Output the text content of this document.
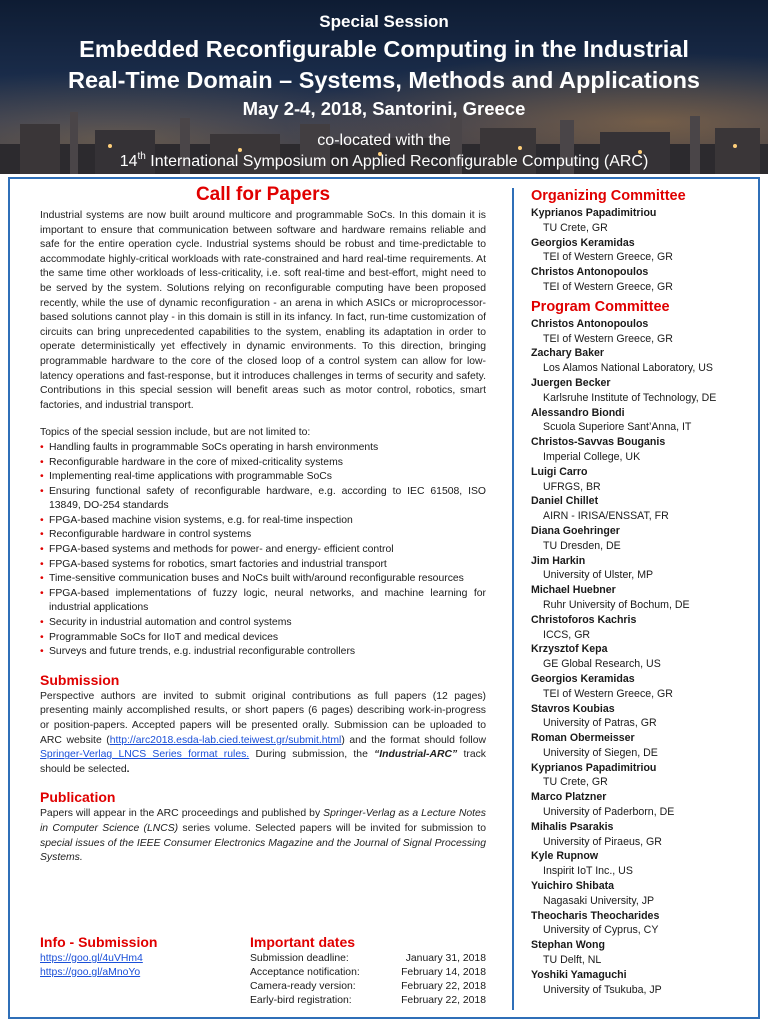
Special Session
Embedded Reconfigurable Computing in the Industrial
Real-Time Domain – Systems, Methods and Applications
May 2-4, 2018, Santorini, Greece
co-located with the
14th International Symposium on Applied Reconfigurable Computing (ARC)
Call for Papers

Industrial systems are now built around multicore and programmable SoCs. In this domain it is important to ensure that communication between software and hardware remains reliable and safe for the entire operation cycle. Industrial systems should be robust and time-predictable to accommodate highly-critical workloads with rate-constrained and hard real-time requirements. At the same time other workloads of less-criticality, i.e. soft real-time and best-effort, might need to be served by the system. Solutions relying on reconfigurable computing have been proposed recently, while the use of dynamic reconfiguration - an arena in which ASICs or microprocessor-based solutions cannot play - in this domain is still in its infancy. In fact, run-time customization of circuits can bring unprecedented capabilities to the system, enabling its adaptation in order to operate deterministically yet effectively in dynamic environments. To this direction, bringing programmable hardware to the core of the closed loop of a control system can allow for low-latency operations and fast-response, but it introduces challenges in terms of security and safety. Contributions in this special session will benefit areas such as motor control, robotics, smart factories, and industrial transport.

Topics of the special session include, but are not limited to:
• Handling faults in programmable SoCs operating in harsh environments
• Reconfigurable hardware in the core of mixed-criticality systems
• Implementing real-time applications with programmable SoCs
• Ensuring functional safety of reconfigurable hardware, e.g. according to IEC 61508, ISO 13849, DO-254 standards
• FPGA-based machine vision systems, e.g. for real-time inspection
• Reconfigurable hardware in control systems
• FPGA-based systems and methods for power- and energy- efficient control
• FPGA-based systems for robotics, smart factories and industrial transport
• Time-sensitive communication buses and NoCs built with/around reconfigurable resources
• FPGA-based implementations of fuzzy logic, neural networks, and machine learning for industrial applications
• Security in industrial automation and control systems
• Programmable SoCs for IIoT and medical devices
• Surveys and future trends, e.g. industrial reconfigurable controllers
Submission

Perspective authors are invited to submit original contributions as full papers (12 pages) presenting mainly accomplished results, or short papers (6 pages) describing work-in-progress or position-papers. Accepted papers will be presented orally. Submission can be uploaded to ARC website (http://arc2018.esda-lab.cied.teiwest.gr/submit.html) and the format should follow Springer-Verlag LNCS Series format rules. During submission, the “Industrial-ARC” track should be selected.

Publication

Papers will appear in the ARC proceedings and published by Springer-Verlag as a Lecture Notes in Computer Science (LNCS) series volume. Selected papers will be invited for submission to special issues of the IEEE Consumer Electronics Magazine and the Journal of Signal Processing Systems.

Info - Submission
https://goo.gl/4uVHm4
https://goo.gl/aMnoYo
Important dates
Submission deadline:	January 31, 2018
Acceptance notification:	February 14, 2018
Camera-ready version:	February 22, 2018
Early-bird registration:	February 22, 2018
Organizing Committee
Kyprianos Papadimitriou
TU Crete, GR
Georgios Keramidas
TEI of Western Greece, GR
Christos Antonopoulos
TEI of Western Greece, GR
Program Committee
Christos Antonopoulos
TEI of Western Greece, GR
Zachary Baker
Los Alamos National Laboratory, US
Juergen Becker
Karlsruhe Institute of Technology, DE
Alessandro Biondi
Scuola Superiore Sant’Anna, IT
Christos-Savvas Bouganis
Imperial College, UK
Luigi Carro
UFRGS, BR
Daniel Chillet
AIRN - IRISA/ENSSAT, FR
Diana Goehringer
TU Dresden, DE
Jim Harkin
University of Ulster, MP
Michael Huebner
Ruhr University of Bochum, DE
Christoforos Kachris
ICCS, GR
Krzysztof Kepa
GE Global Research, US
Georgios Keramidas
TEI of Western Greece, GR
Stavros Koubias
University of Patras, GR
Roman Obermeisser
University of Siegen, DE
Kyprianos Papadimitriou
TU Crete, GR
Marco Platzner
University of Paderborn, DE
Mihalis Psarakis
University of Piraeus, GR
Kyle Rupnow
Inspirit IoT Inc., US
Yuichiro Shibata
Nagasaki University, JP
Theocharis Theocharides
University of Cyprus, CY
Stephan Wong
TU Delft, NL
Yoshiki Yamaguchi
University of Tsukuba, JP
